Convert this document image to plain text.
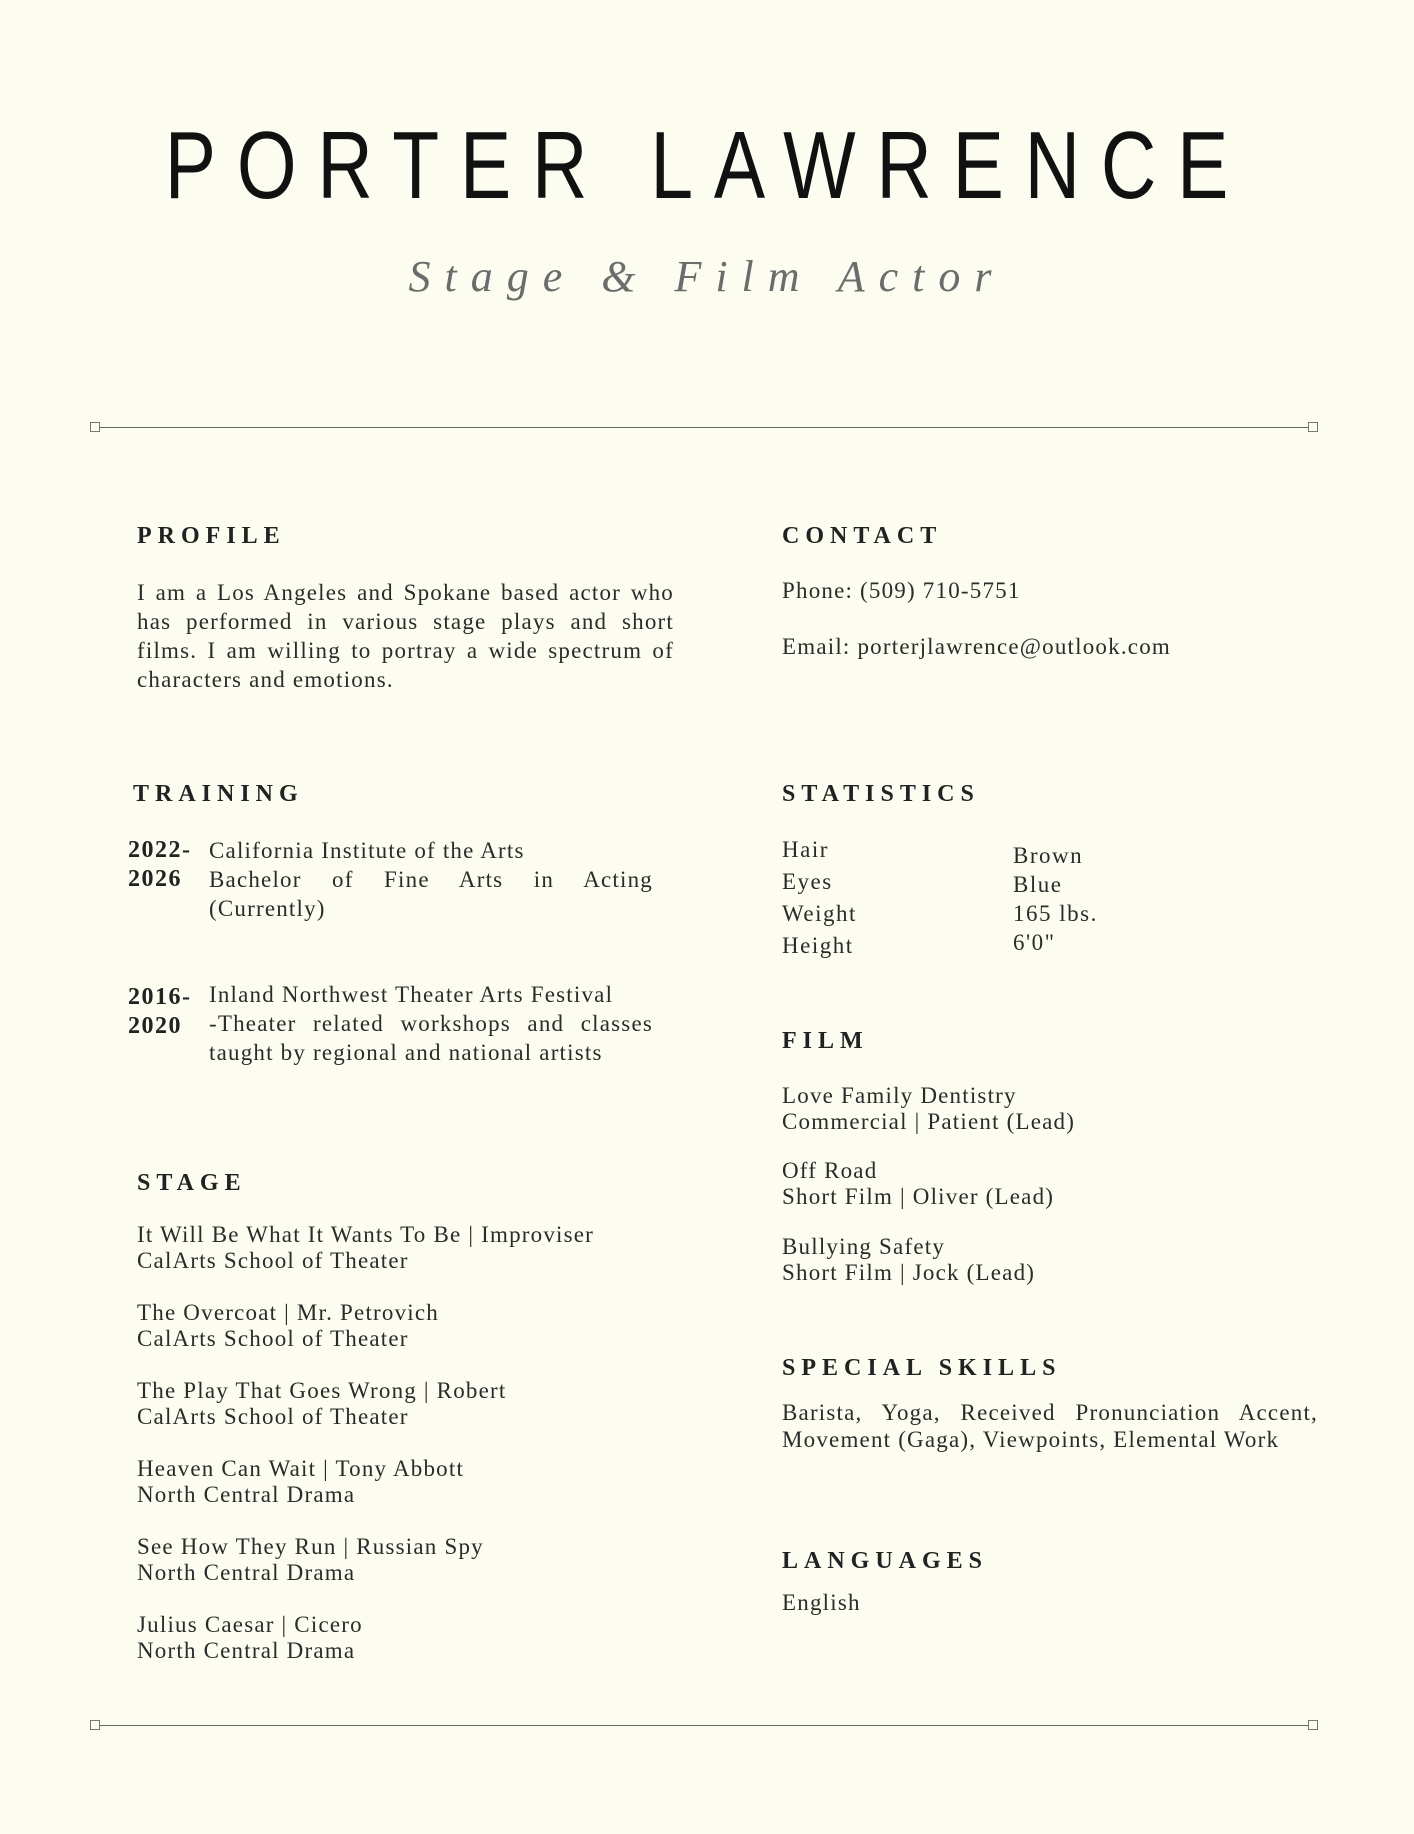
PORTER LAWRENCE
Stage & Film Actor
PROFILE
I am a Los Angeles and Spokane based actor who has performed in various stage plays and short films. I am willing to portray a wide spectrum of characters and emotions.
CONTACT
Phone: (509) 710-5751
Email: porterjlawrence@outlook.com
TRAINING
2022-
2026
California Institute of the Arts
Bachelor of Fine Arts in Acting (Currently)
2016-
2020
Inland Northwest Theater Arts Festival
-Theater related workshops and classes taught by regional and national artists
STAGE
It Will Be What It Wants To Be | Improviser
CalArts School of Theater
The Overcoat | Mr. Petrovich
CalArts School of Theater
The Play That Goes Wrong | Robert
CalArts School of Theater
Heaven Can Wait | Tony Abbott
North Central Drama
See How They Run | Russian Spy
North Central Drama
Julius Caesar | Cicero
North Central Drama
STATISTICS
Hair
Eyes
Weight
Height
Brown
Blue
165 lbs.
6'0"
FILM
Love Family Dentistry
Commercial | Patient (Lead)
Off Road
Short Film | Oliver (Lead)
Bullying Safety
Short Film | Jock (Lead)
SPECIAL SKILLS
Barista, Yoga, Received Pronunciation Accent, Movement (Gaga), Viewpoints, Elemental Work
LANGUAGES
English
